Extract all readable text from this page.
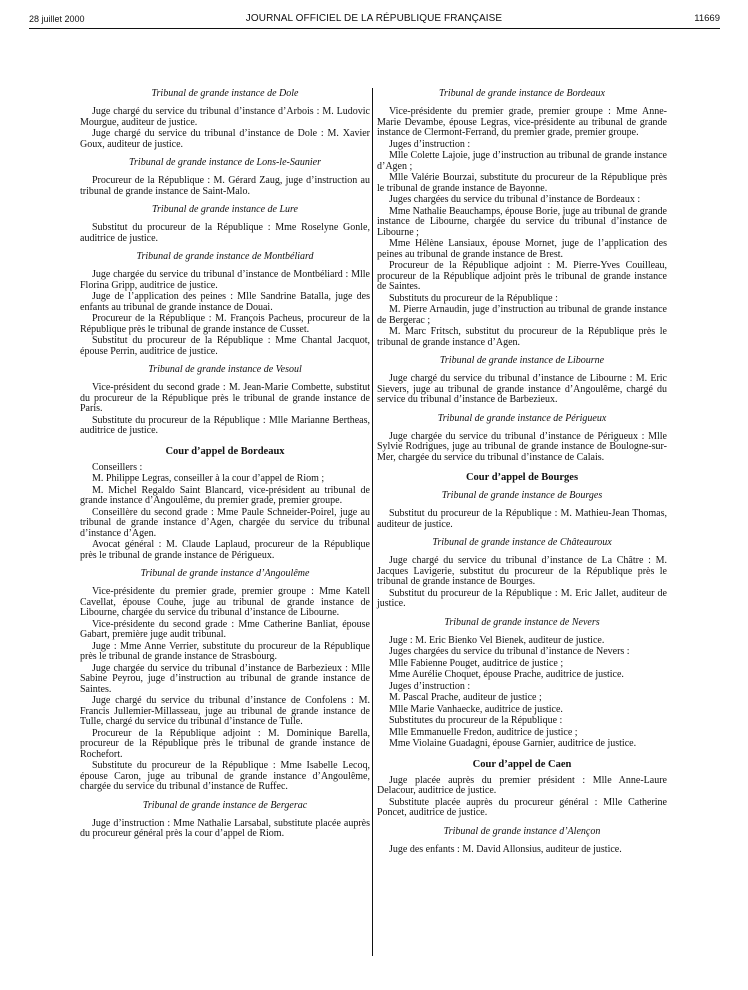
28 juillet 2000	JOURNAL OFFICIEL DE LA RÉPUBLIQUE FRANÇAISE	11669
Tribunal de grande instance de Dole
Juge chargé du service du tribunal d’instance d’Arbois : M. Ludovic Mourgue, auditeur de justice.
Juge chargé du service du tribunal d’instance de Dole : M. Xavier Goux, auditeur de justice.
Tribunal de grande instance de Lons-le-Saunier
Procureur de la République : M. Gérard Zaug, juge d’instruction au tribunal de grande instance de Saint-Malo.
Tribunal de grande instance de Lure
Substitut du procureur de la République : Mme Roselyne Gonle, auditrice de justice.
Tribunal de grande instance de Montbéliard
Juge chargée du service du tribunal d’instance de Montbéliard : Mlle Florina Gripp, auditrice de justice.
Juge de l’application des peines : Mlle Sandrine Batalla, juge des enfants au tribunal de grande instance de Douai.
Procureur de la République : M. François Pacheus, procureur de la République près le tribunal de grande instance de Cusset.
Substitut du procureur de la République : Mme Chantal Jacquot, épouse Perrin, auditrice de justice.
Tribunal de grande instance de Vesoul
Vice-président du second grade : M. Jean-Marie Combette, substitut du procureur de la République près le tribunal de grande instance de Paris.
Substitute du procureur de la République : Mlle Marianne Bertheas, auditrice de justice.
Cour d’appel de Bordeaux
Conseillers :
M. Philippe Legras, conseiller à la cour d’appel de Riom ;
M. Michel Regaldo Saint Blancard, vice-président au tribunal de grande instance d’Angoulême, du premier grade, premier groupe.
Conseillère du second grade : Mme Paule Schneider-Poirel, juge au tribunal de grande instance d’Agen, chargée du service du tribunal d’instance d’Agen.
Avocat général : M. Claude Laplaud, procureur de la République près le tribunal de grande instance de Périgueux.
Tribunal de grande instance d’Angoulême
Vice-présidente du premier grade, premier groupe : Mme Katell Cavellat, épouse Couhe, juge au tribunal de grande instance de Libourne, chargée du service du tribunal d’instance de Libourne.
Vice-présidente du second grade : Mme Catherine Banliat, épouse Gabart, première juge audit tribunal.
Juge : Mme Anne Verrier, substitute du procureur de la République près le tribunal de grande instance de Strasbourg.
Juge chargée du service du tribunal d’instance de Barbezieux : Mlle Sabine Peyrou, juge d’instruction au tribunal de grande instance de Saintes.
Juge chargé du service du tribunal d’instance de Confolens : M. Francis Jullemier-Millasseau, juge au tribunal de grande instance de Tulle, chargé du service du tribunal d’instance de Tulle.
Procureur de la République adjoint : M. Dominique Barella, procureur de la République près le tribunal de grande instance de Rochefort.
Substitute du procureur de la République : Mme Isabelle Lecoq, épouse Caron, juge au tribunal de grande instance d’Angoulême, chargée du service du tribunal d’instance de Ruffec.
Tribunal de grande instance de Bergerac
Juge d’instruction : Mme Nathalie Larsabal, substitute placée auprès du procureur général près la cour d’appel de Riom.
Tribunal de grande instance de Bordeaux
Vice-présidente du premier grade, premier groupe : Mme Anne-Marie Devambe, épouse Legras, vice-présidente au tribunal de grande instance de Clermont-Ferrand, du premier grade, premier groupe.
Juges d’instruction :
Mlle Colette Lajoie, juge d’instruction au tribunal de grande instance d’Agen ;
Mlle Valérie Bourzai, substitute du procureur de la République près le tribunal de grande instance de Bayonne.
Juges chargées du service du tribunal d’instance de Bordeaux :
Mme Nathalie Beauchamps, épouse Borie, juge au tribunal de grande instance de Libourne, chargée du service du tribunal d’instance de Libourne ;
Mme Hélène Lansiaux, épouse Mornet, juge de l’application des peines au tribunal de grande instance de Brest.
Procureur de la République adjoint : M. Pierre-Yves Couilleau, procureur de la République adjoint près le tribunal de grande instance de Saintes.
Substituts du procureur de la République :
M. Pierre Arnaudin, juge d’instruction au tribunal de grande instance de Bergerac ;
M. Marc Fritsch, substitut du procureur de la République près le tribunal de grande instance d’Agen.
Tribunal de grande instance de Libourne
Juge chargé du service du tribunal d’instance de Libourne : M. Eric Sievers, juge au tribunal de grande instance d’Angoulême, chargé du service du tribunal d’instance de Barbezieux.
Tribunal de grande instance de Périgueux
Juge chargée du service du tribunal d’instance de Périgueux : Mlle Sylvie Rodrigues, juge au tribunal de grande instance de Boulogne-sur-Mer, chargée du service du tribunal d’instance de Calais.
Cour d’appel de Bourges
Tribunal de grande instance de Bourges
Substitut du procureur de la République : M. Mathieu-Jean Thomas, auditeur de justice.
Tribunal de grande instance de Châteauroux
Juge chargé du service du tribunal d’instance de La Châtre : M. Jacques Lavigerie, substitut du procureur de la République près le tribunal de grande instance de Bourges.
Substitut du procureur de la République : M. Eric Jallet, auditeur de justice.
Tribunal de grande instance de Nevers
Juge : M. Eric Bienko Vel Bienek, auditeur de justice.
Juges chargées du service du tribunal d’instance de Nevers :
Mlle Fabienne Pouget, auditrice de justice ;
Mme Aurélie Choquet, épouse Prache, auditrice de justice.
Juges d’instruction :
M. Pascal Prache, auditeur de justice ;
Mlle Marie Vanhaecke, auditrice de justice.
Substitutes du procureur de la République :
Mlle Emmanuelle Fredon, auditrice de justice ;
Mme Violaine Guadagni, épouse Garnier, auditrice de justice.
Cour d’appel de Caen
Juge placée auprès du premier président : Mlle Anne-Laure Delacour, auditrice de justice.
Substitute placée auprès du procureur général : Mlle Catherine Poncet, auditrice de justice.
Tribunal de grande instance d’Alençon
Juge des enfants : M. David Allonsius, auditeur de justice.
